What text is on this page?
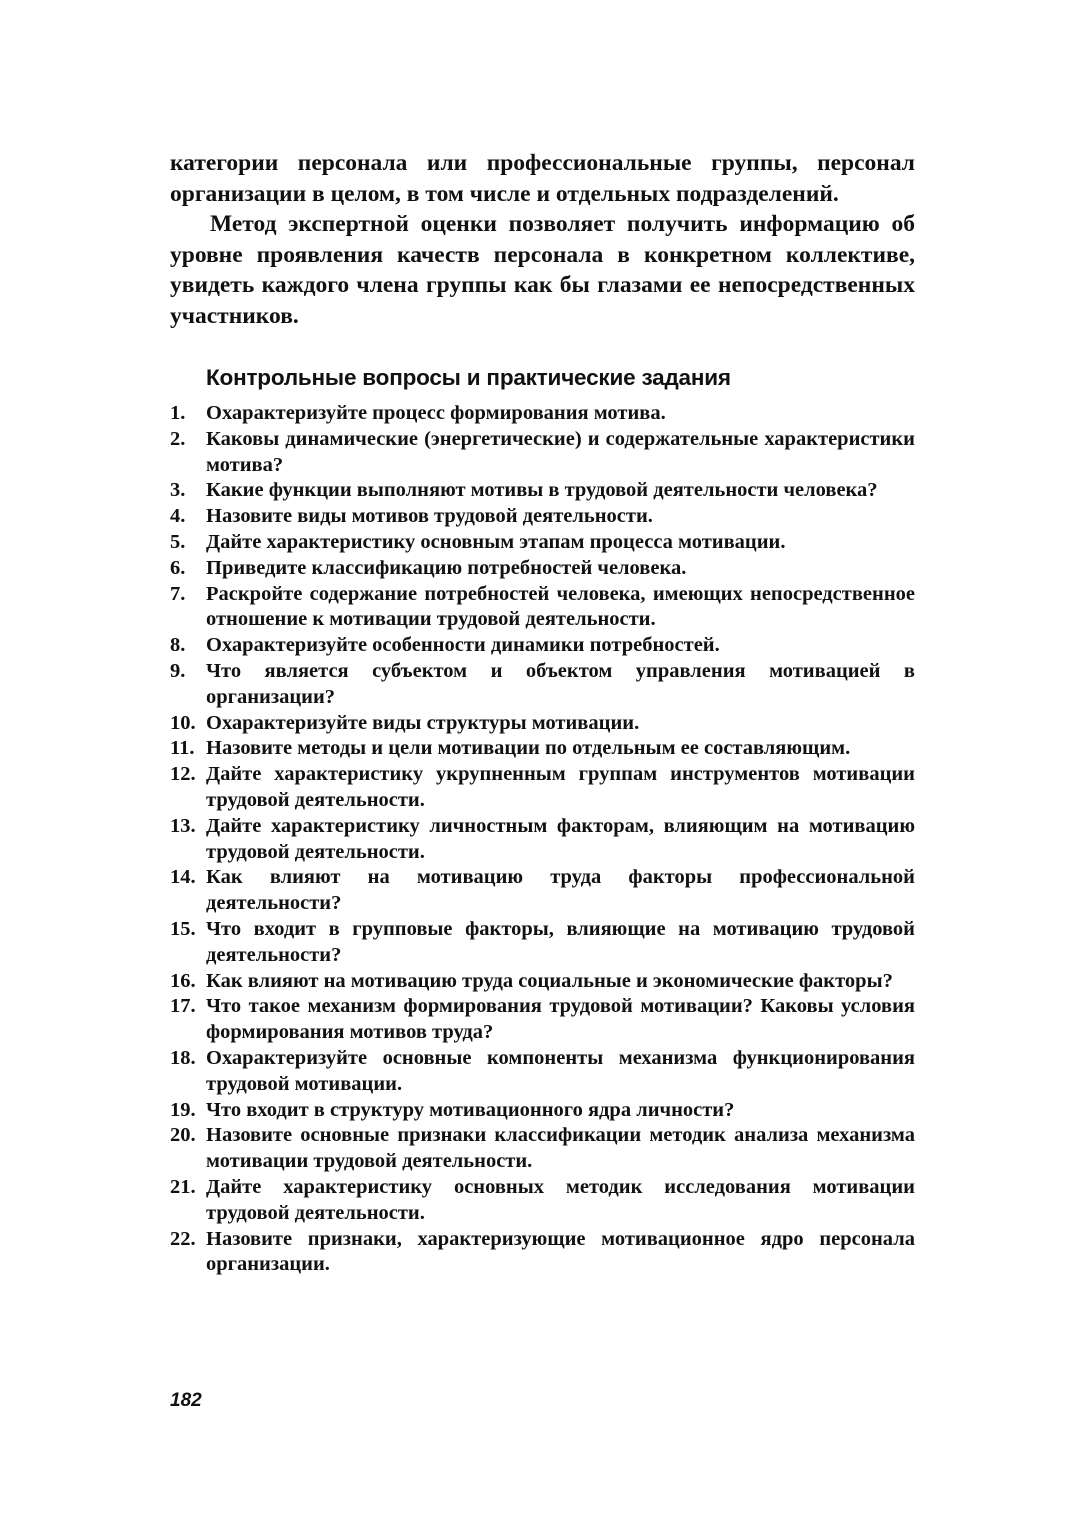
категории персонала или профессиональные группы, персонал организации в целом, в том числе и отдельных подразделений.

Метод экспертной оценки позволяет получить информацию об уровне проявления качеств персонала в конкретном коллективе, увидеть каждого члена группы как бы глазами ее непосредственных участников.

Контрольные вопросы и практические задания
1.	Охарактеризуйте процесс формирования мотива.
2.	Каковы динамические (энергетические) и содержательные характеристики мотива?
3.	Какие функции выполняют мотивы в трудовой деятельности человека?
4.	Назовите виды мотивов трудовой деятельности.
5.	Дайте характеристику основным этапам процесса мотивации.
6.	Приведите классификацию потребностей человека.
7.	Раскройте содержание потребностей человека, имеющих непосредственное отношение к мотивации трудовой деятельности.
8.	Охарактеризуйте особенности динамики потребностей.
9.	Что является субъектом и объектом управления мотивацией в организации?
10. Охарактеризуйте виды структуры мотивации.
11. Назовите методы и цели мотивации по отдельным ее составляющим.
12. Дайте характеристику укрупненным группам инструментов мотивации трудовой деятельности.
13. Дайте характеристику личностным факторам, влияющим на мотивацию трудовой деятельности.
14. Как влияют на мотивацию труда факторы профессиональной деятельности?
15. Что входит в групповые факторы, влияющие на мотивацию трудовой деятельности?
16. Как влияют на мотивацию труда социальные и экономические факторы?
17. Что такое механизм формирования трудовой мотивации? Каковы условия формирования мотивов труда?
18. Охарактеризуйте основные компоненты механизма функционирования трудовой мотивации.
19. Что входит в структуру мотивационного ядра личности?
20. Назовите основные признаки классификации методик анализа механизма мотивации трудовой деятельности.
21. Дайте характеристику основных методик исследования мотивации трудовой деятельности.
22. Назовите признаки, характеризующие мотивационное ядро персонала организации.
182
